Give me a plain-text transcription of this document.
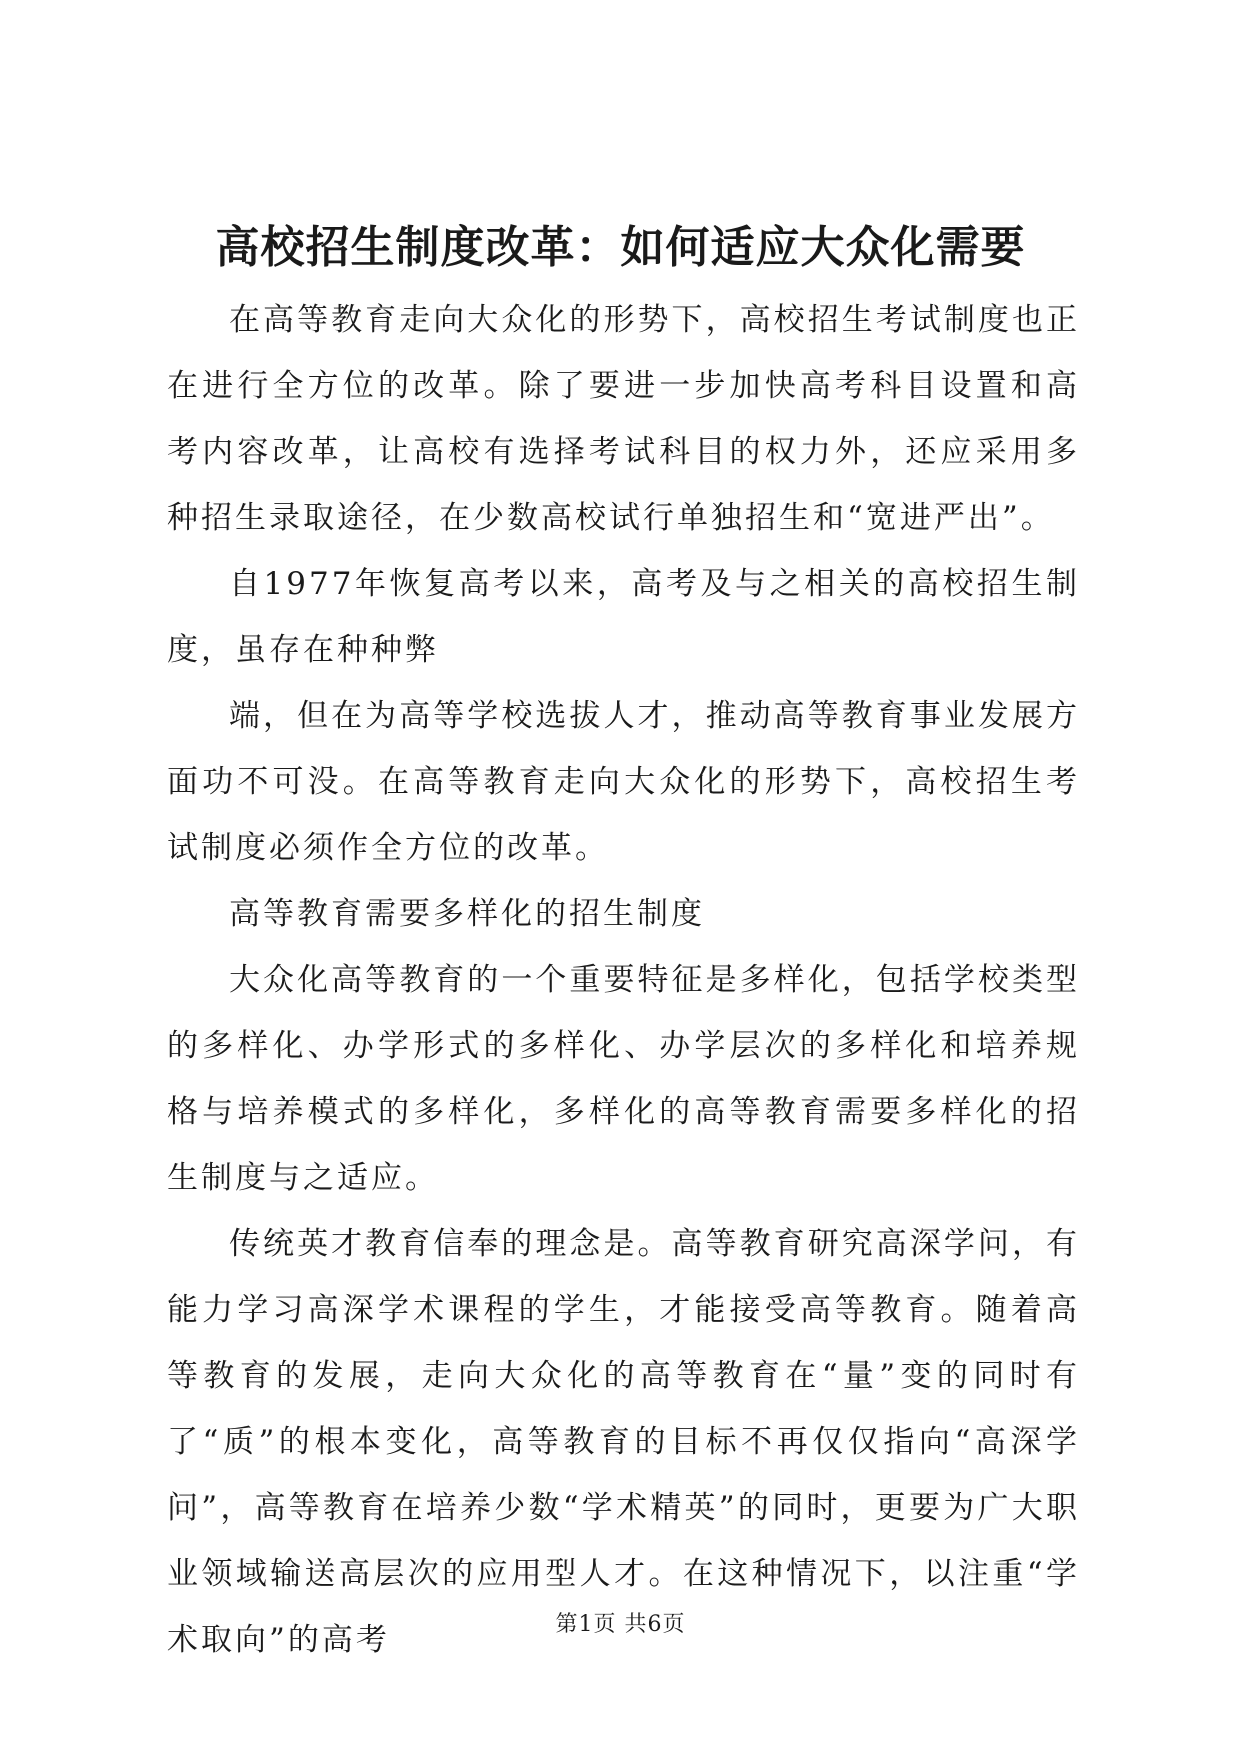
高校招生制度改革：如何适应大众化需要

在高等教育走向大众化的形势下，高校招生考试制度也正在进行全方位的改革。除了要进一步加快高考科目设置和高考内容改革，让高校有选择考试科目的权力外，还应采用多种招生录取途径，在少数高校试行单独招生和“宽进严出”。

自1977年恢复高考以来，高考及与之相关的高校招生制度，虽存在种种弊

端，但在为高等学校选拔人才，推动高等教育事业发展方面功不可没。在高等教育走向大众化的形势下，高校招生考试制度必须作全方位的改革。

高等教育需要多样化的招生制度

大众化高等教育的一个重要特征是多样化，包括学校类型的多样化、办学形式的多样化、办学层次的多样化和培养规格与培养模式的多样化，多样化的高等教育需要多样化的招生制度与之适应。

传统英才教育信奉的理念是。高等教育研究高深学问，有能力学习高深学术课程的学生，才能接受高等教育。随着高等教育的发展，走向大众化的高等教育在“量”变的同时有了“质”的根本变化，高等教育的目标不再仅仅指向“高深学问”，高等教育在培养少数“学术精英”的同时，更要为广大职业领域输送高层次的应用型人才。在这种情况下，以注重“学术取向”的高考	第1页 共6页
